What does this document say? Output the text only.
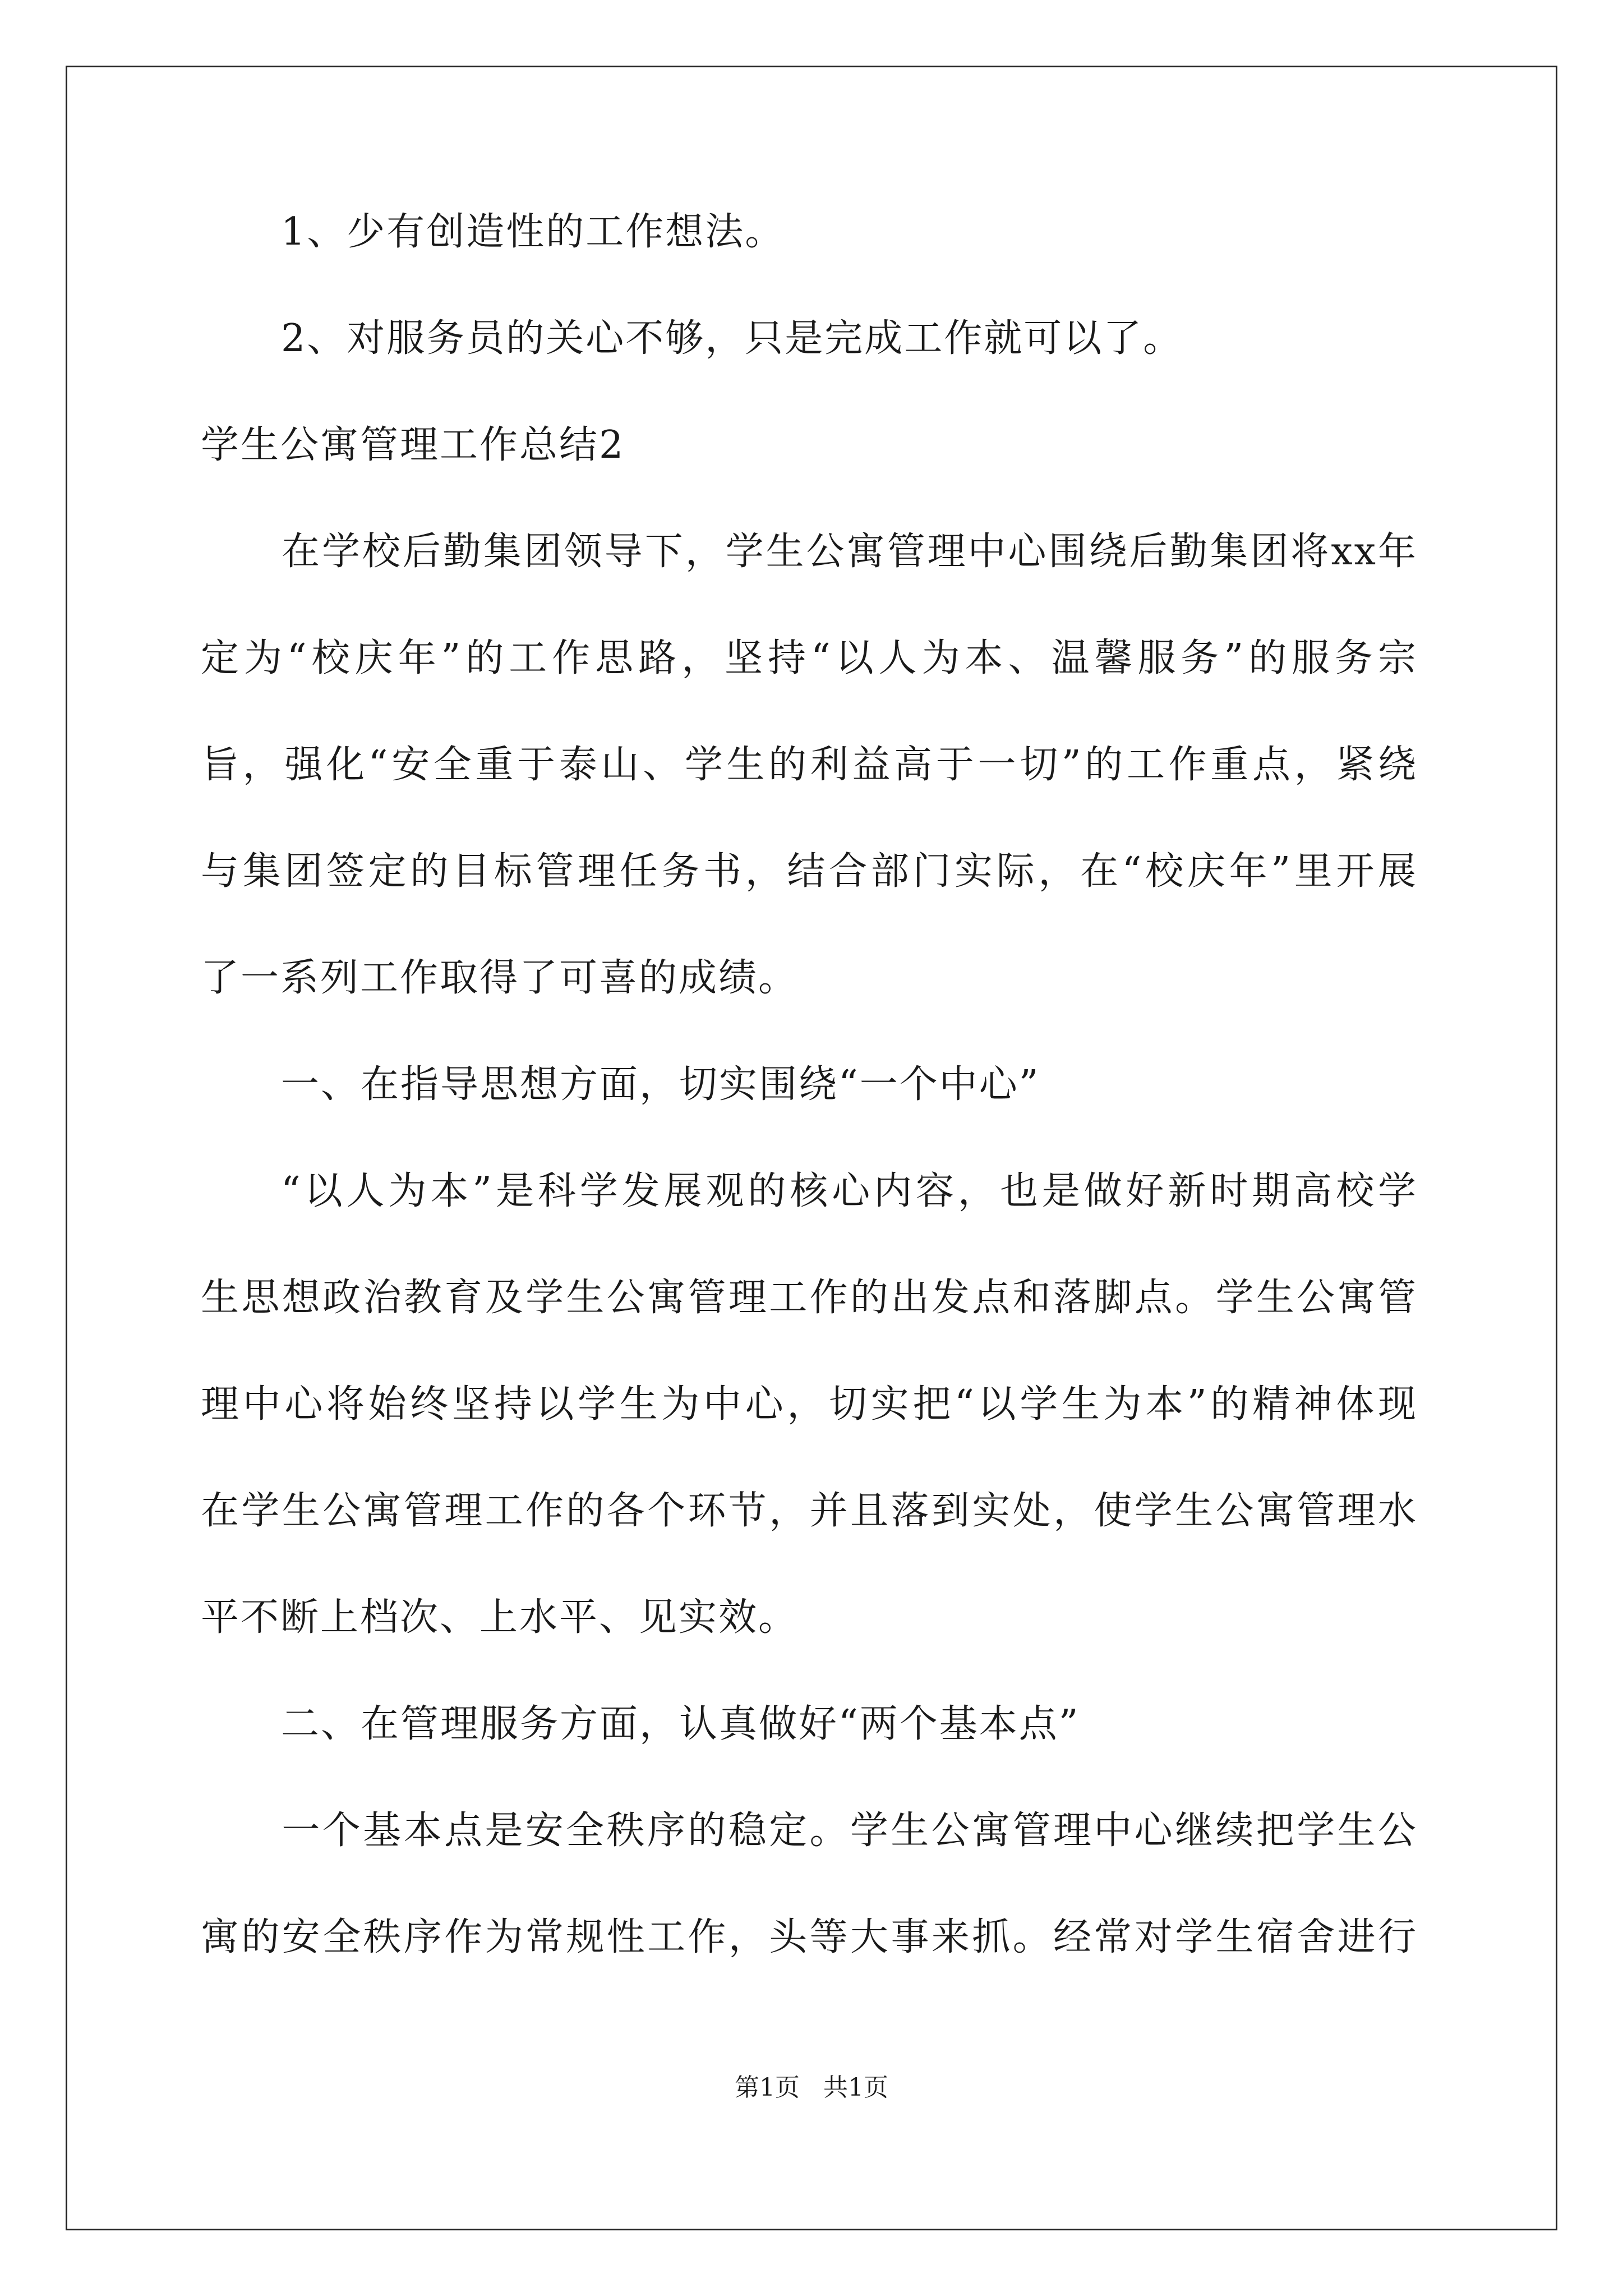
1、少有创造性的工作想法。
2、对服务员的关心不够，只是完成工作就可以了。
学生公寓管理工作总结2
在学校后勤集团领导下，学生公寓管理中心围绕后勤集团将xx年
定为“校庆年”的工作思路，坚持“以人为本、温馨服务”的服务宗
旨，强化“安全重于泰山、学生的利益高于一切”的工作重点，紧绕
与集团签定的目标管理任务书，结合部门实际，在“校庆年”里开展
了一系列工作取得了可喜的成绩。
一、在指导思想方面，切实围绕“一个中心”
“以人为本”是科学发展观的核心内容，也是做好新时期高校学
生思想政治教育及学生公寓管理工作的出发点和落脚点。学生公寓管
理中心将始终坚持以学生为中心，切实把“以学生为本”的精神体现
在学生公寓管理工作的各个环节，并且落到实处，使学生公寓管理水
平不断上档次、上水平、见实效。
二、在管理服务方面，认真做好“两个基本点”
一个基本点是安全秩序的稳定。学生公寓管理中心继续把学生公
寓的安全秩序作为常规性工作，头等大事来抓。经常对学生宿舍进行
第1页   共1页
